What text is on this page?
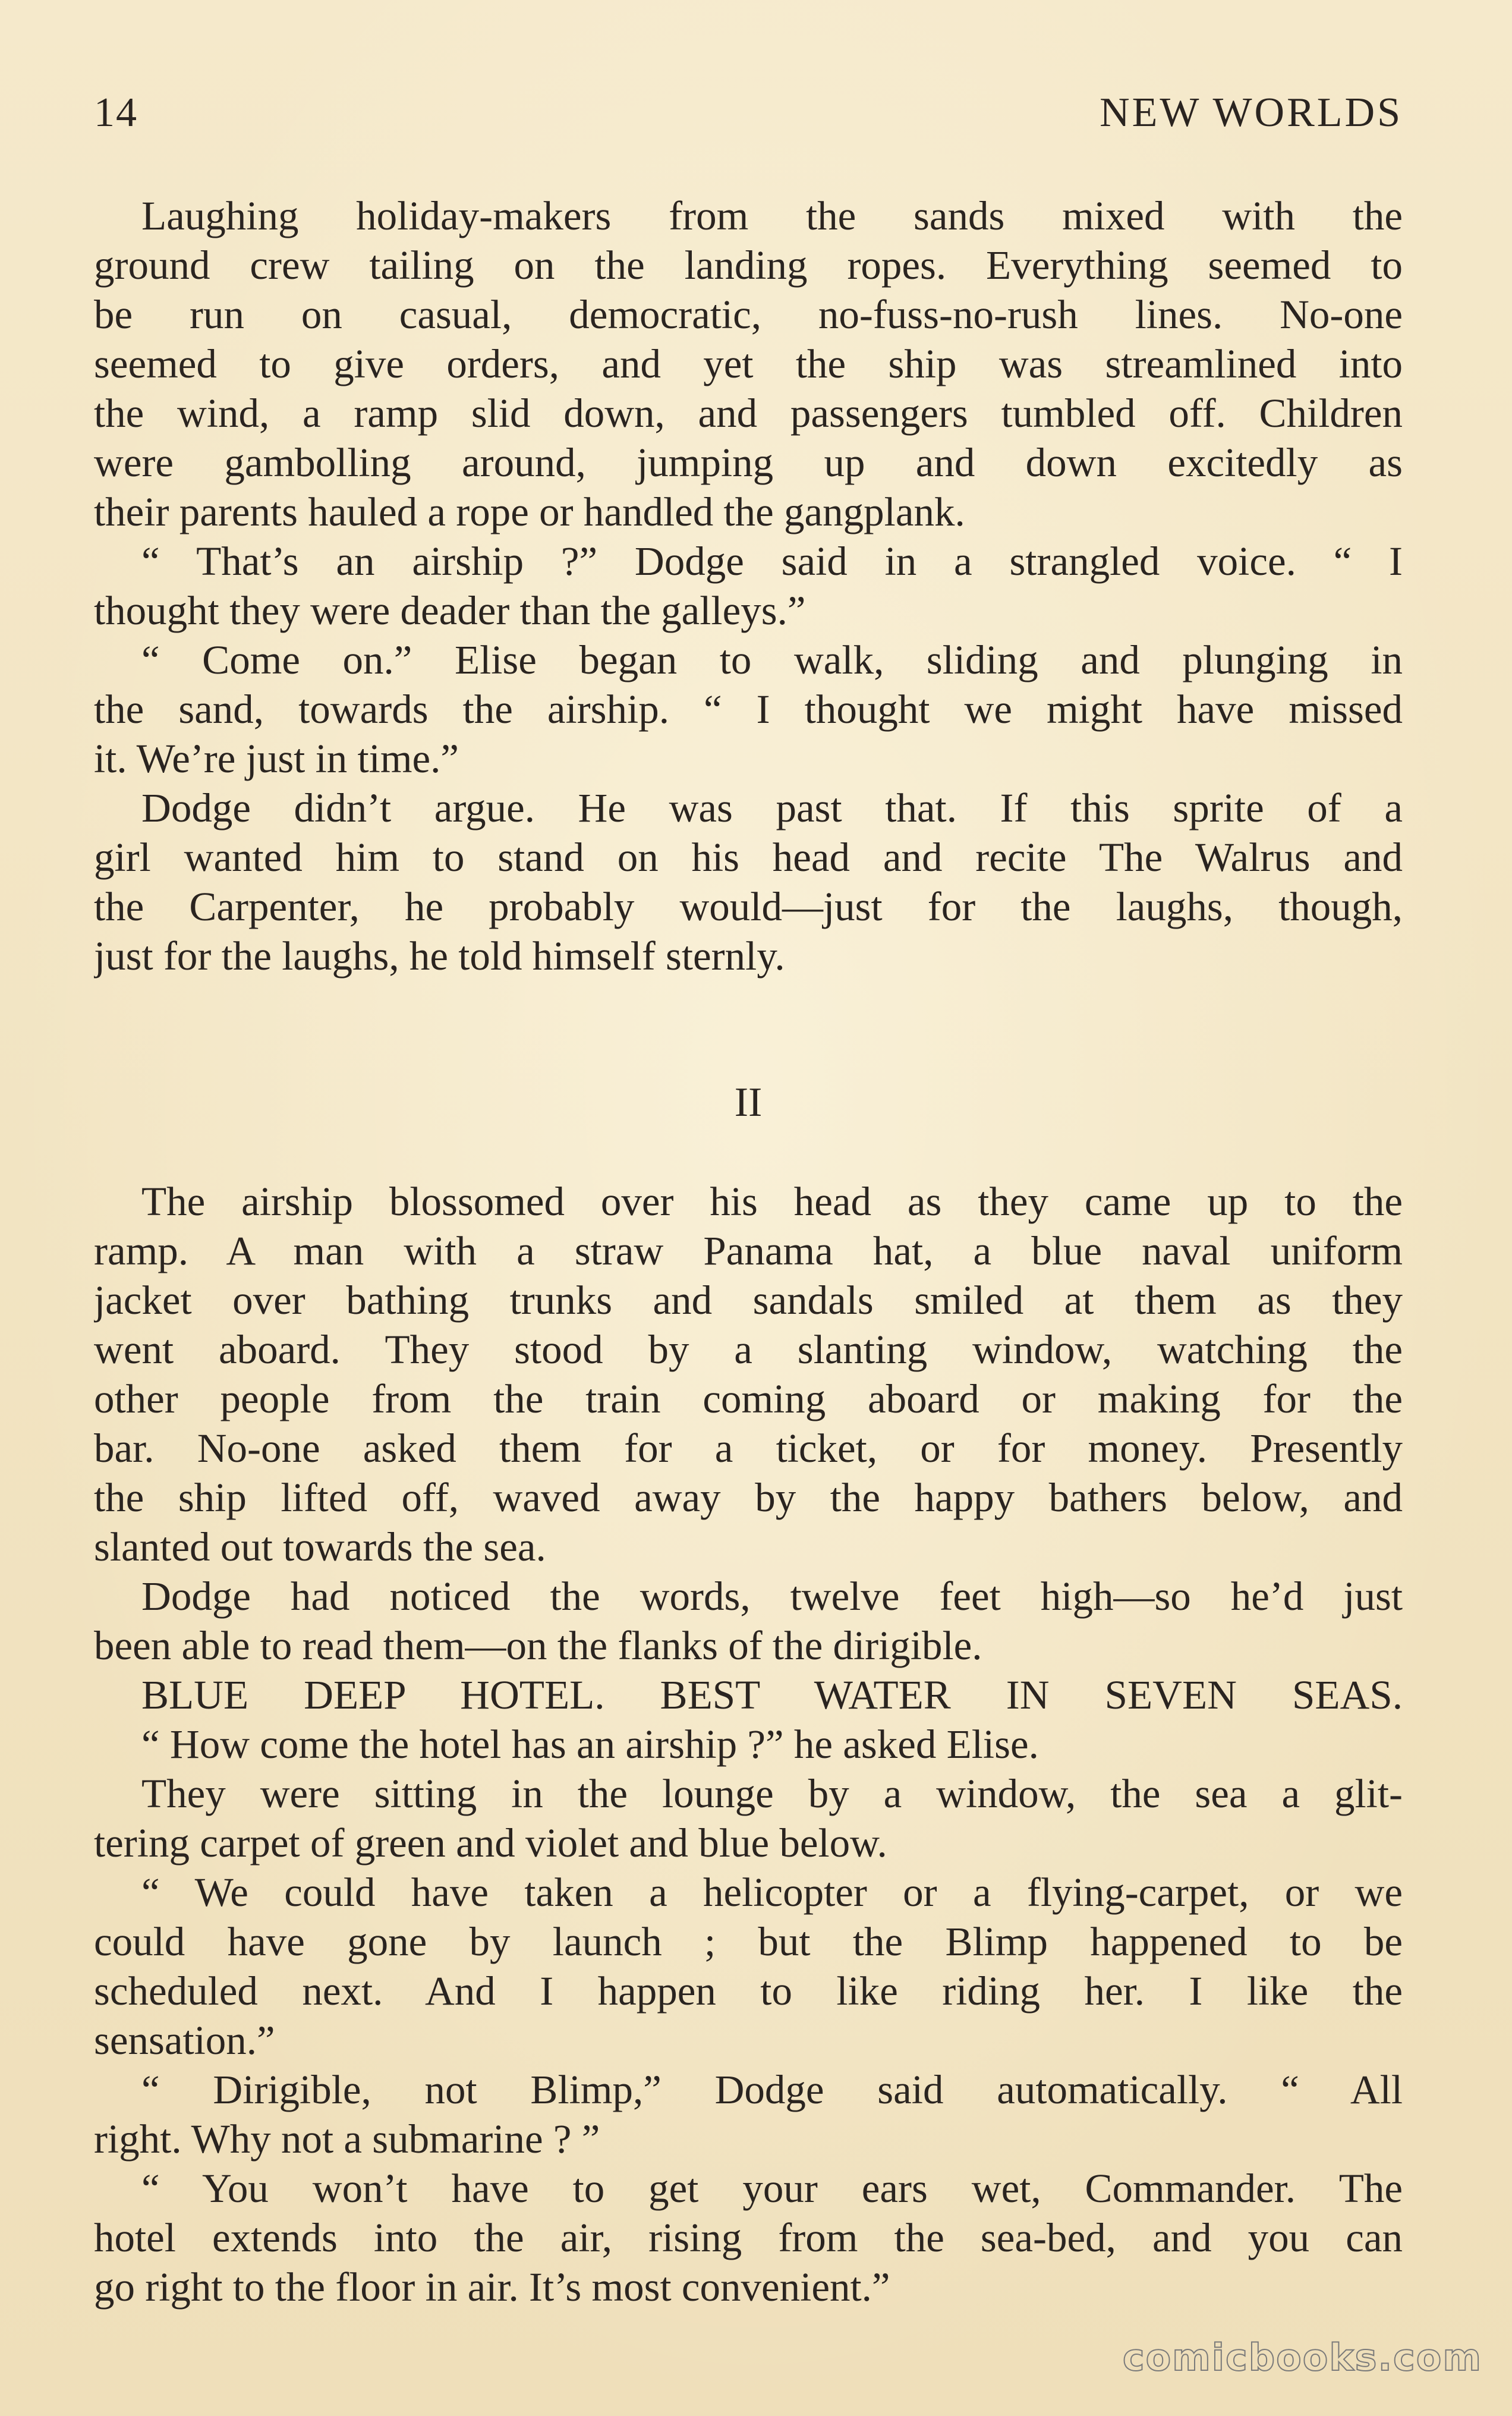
14	NEW WORLDS
Laughing holiday-makers from the sands mixed with the
ground crew tailing on the landing ropes. Everything seemed to
be run on casual, democratic, no-fuss-no-rush lines. No-one
seemed to give orders, and yet the ship was streamlined into
the wind, a ramp slid down, and passengers tumbled off. Children
were gambolling around, jumping up and down excitedly as
their parents hauled a rope or handled the gangplank.
“ That’s an airship ?” Dodge said in a strangled voice. “ I
thought they were deader than the galleys.”
“ Come on.” Elise began to walk, sliding and plunging in
the sand, towards the airship. “ I thought we might have missed
it. We’re just in time.”
Dodge didn’t argue. He was past that. If this sprite of a
girl wanted him to stand on his head and recite The Walrus and
the Carpenter, he probably would—just for the laughs, though,
just for the laughs, he told himself sternly.
II
The airship blossomed over his head as they came up to the
ramp. A man with a straw Panama hat, a blue naval uniform
jacket over bathing trunks and sandals smiled at them as they
went aboard. They stood by a slanting window, watching the
other people from the train coming aboard or making for the
bar. No-one asked them for a ticket, or for money. Presently
the ship lifted off, waved away by the happy bathers below, and
slanted out towards the sea.
Dodge had noticed the words, twelve feet high—so he’d just
been able to read them—on the flanks of the dirigible.
BLUE DEEP HOTEL. BEST WATER IN SEVEN SEAS.
“ How come the hotel has an airship ?” he asked Elise.
They were sitting in the lounge by a window, the sea a glit-
tering carpet of green and violet and blue below.
“ We could have taken a helicopter or a flying-carpet, or we
could have gone by launch ; but the Blimp happened to be
scheduled next. And I happen to like riding her. I like the
sensation.”
“ Dirigible, not Blimp,” Dodge said automatically. “ All
right. Why not a submarine ? ”
“ You won’t have to get your ears wet, Commander. The
hotel extends into the air, rising from the sea-bed, and you can
go right to the floor in air. It’s most convenient.”
comicbooks.com
